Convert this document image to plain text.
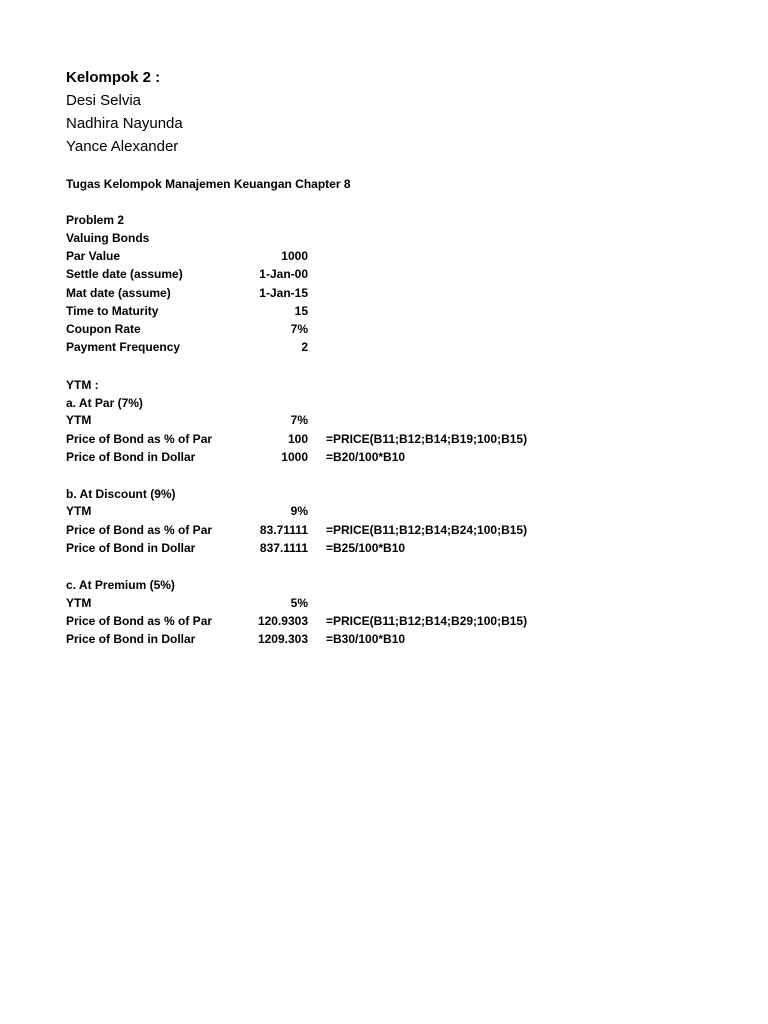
Kelompok 2 :
Desi Selvia
Nadhira Nayunda
Yance Alexander
Tugas Kelompok Manajemen Keuangan Chapter 8
Problem 2
Valuing Bonds
Par Value	1000
Settle date (assume)	1-Jan-00
Mat date (assume)	1-Jan-15
Time to Maturity	15
Coupon Rate	7%
Payment Frequency	2
YTM :
a. At Par (7%)
YTM	7%
Price of Bond as % of Par	100 =PRICE(B11;B12;B14;B19;100;B15)
Price of Bond in Dollar	1000 =B20/100*B10
b. At Discount (9%)
YTM	9%
Price of Bond as % of Par	83.71111 =PRICE(B11;B12;B14;B24;100;B15)
Price of Bond in Dollar	837.1111 =B25/100*B10
c. At Premium (5%)
YTM	5%
Price of Bond as % of Par	120.9303 =PRICE(B11;B12;B14;B29;100;B15)
Price of Bond in Dollar	1209.303 =B30/100*B10
